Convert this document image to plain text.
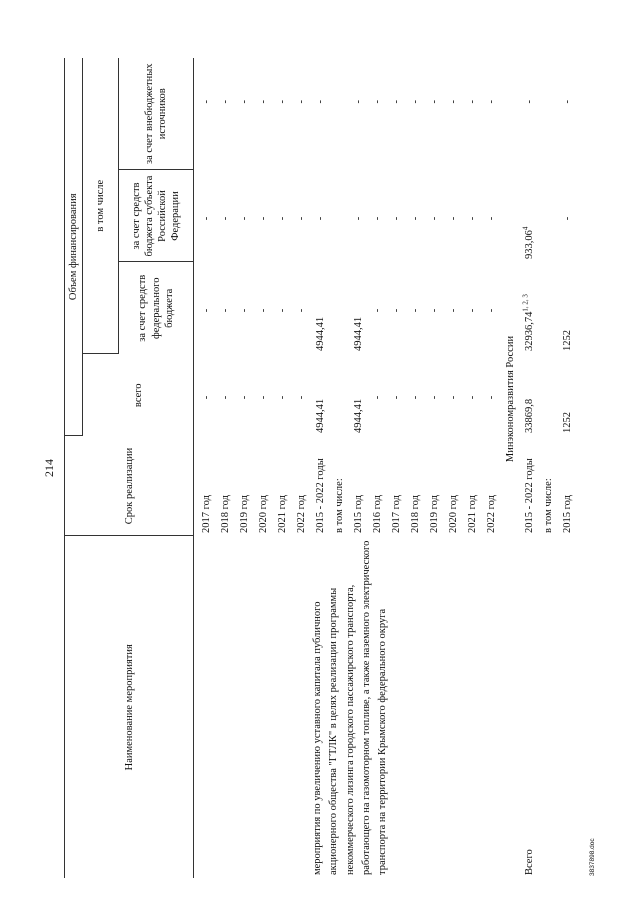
214
Наименование мероприятия	Срок реализации	Объем финансирования			
		всего	в том числе		
			за счет средств федерального бюджета	за счет средств бюджета субъекта Российской Федерации	за счет внебюджетных источников
	2017 год	-	-	-	-
	2018 год	-	-	-	-
	2019 год	-	-	-	-
	2020 год	-	-	-	-
	2021 год	-	-	-	-
	2022 год	-	-	-	-
мероприятия по увеличению уставного капитала публичного акционерного общества "ГТЛК" в целях реализации программы некоммерческого лизинга городского пассажирского транспорта, работающего на газомоторном топливе, а также наземного электрического транспорта на территории Крымского федерального округа	2015 - 2022 годы	4944,41	4944,41	-	-
	в том числе:				
	2015 год	4944,41	4944,41	-	-
	2016 год	-	-	-	-
	2017 год	-	-	-	-
	2018 год	-	-	-	-
	2019 год	-	-	-	-
	2020 год	-	-	-	-
	2021 год	-	-	-	-
	2022 год	-	-	-	-
	Минэкономразвития России				
Всего	2015 - 2022 годы	33869,8	32936,74$^{1, 2, 3}$	933,06$^4$	-
	в том числе:				
	2015 год	1252	1252	-	-
3837898.doc
